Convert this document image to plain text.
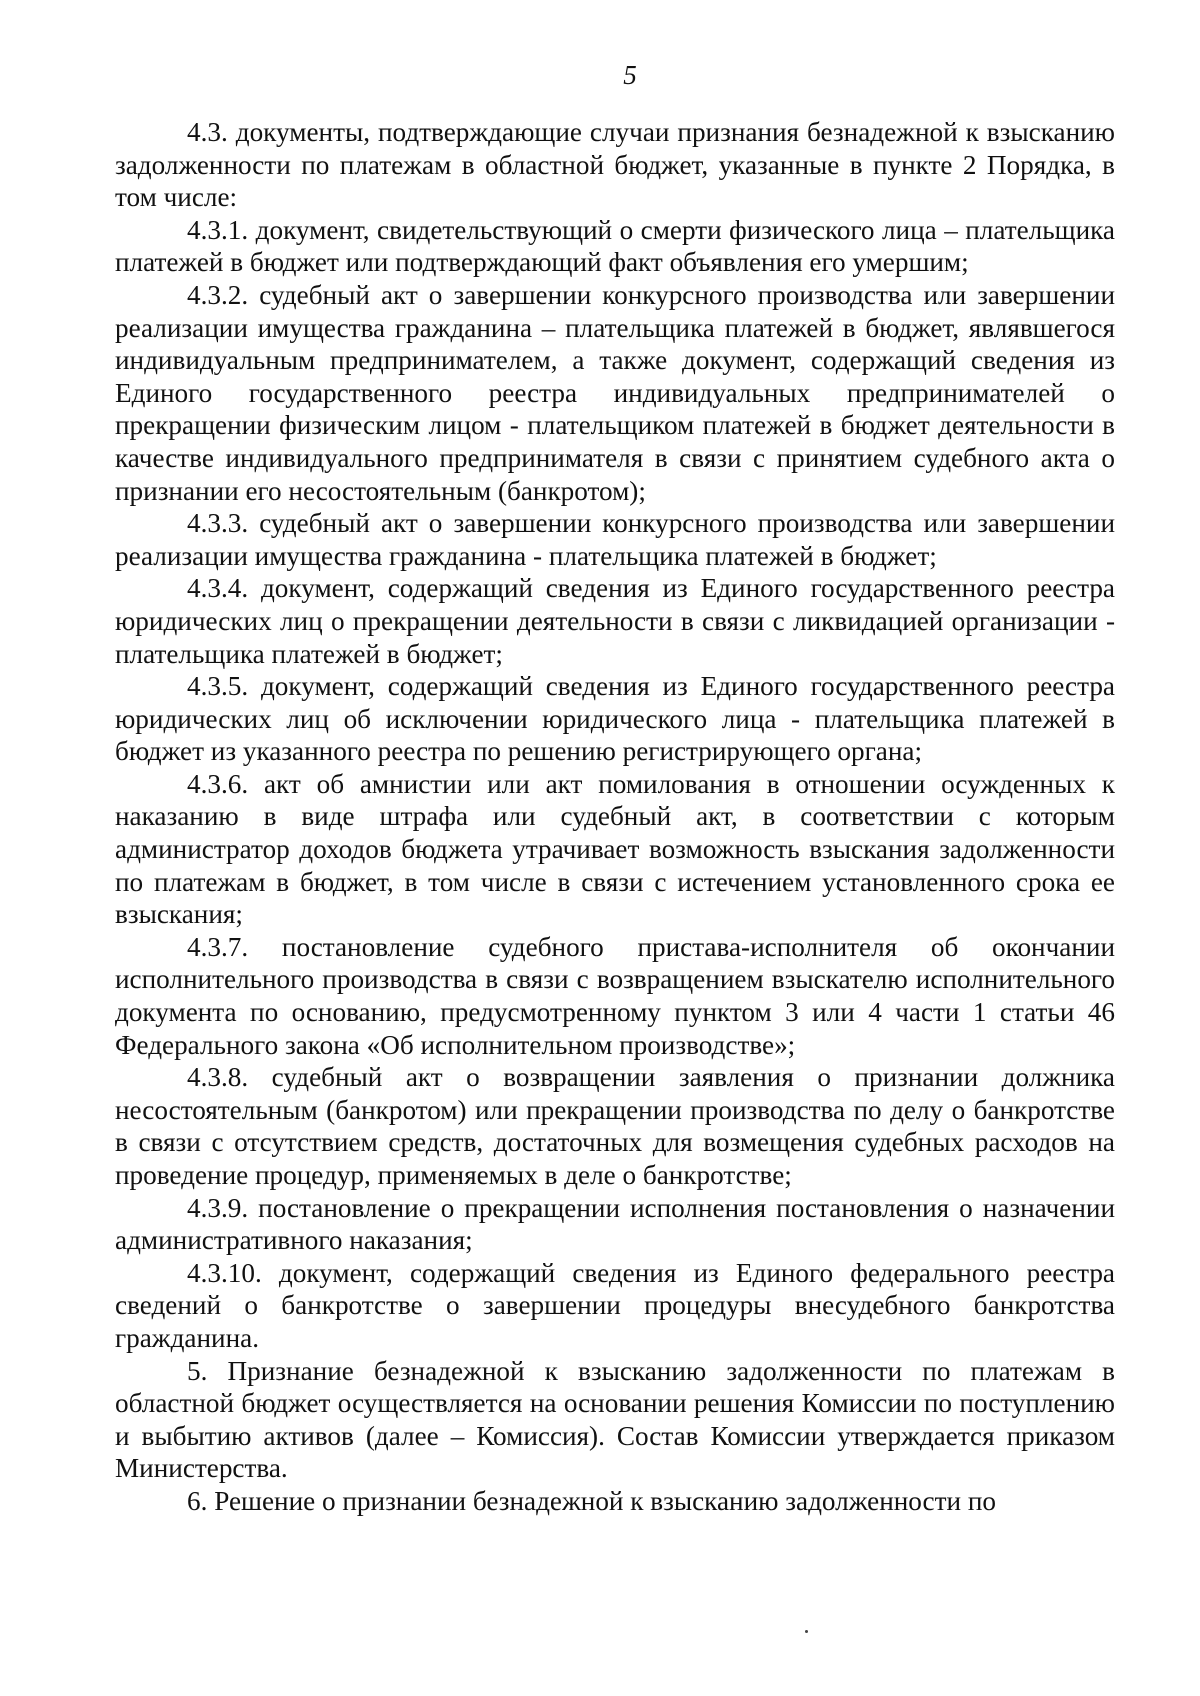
5

4.3. документы, подтверждающие случаи признания безнадежной к взысканию задолженности по платежам в областной бюджет, указанные в пункте 2 Порядка, в том числе:

4.3.1. документ, свидетельствующий о смерти физического лица – плательщика платежей в бюджет или подтверждающий факт объявления его умершим;

4.3.2. судебный акт о завершении конкурсного производства или завершении реализации имущества гражданина – плательщика платежей в бюджет, являвшегося индивидуальным предпринимателем, а также документ, содержащий сведения из Единого государственного реестра индивидуальных предпринимателей о прекращении физическим лицом - плательщиком платежей в бюджет деятельности в качестве индивидуального предпринимателя в связи с принятием судебного акта о признании его несостоятельным (банкротом);

4.3.3. судебный акт о завершении конкурсного производства или завершении реализации имущества гражданина - плательщика платежей в бюджет;

4.3.4. документ, содержащий сведения из Единого государственного реестра юридических лиц о прекращении деятельности в связи с ликвидацией организации - плательщика платежей в бюджет;

4.3.5. документ, содержащий сведения из Единого государственного реестра юридических лиц об исключении юридического лица - плательщика платежей в бюджет из указанного реестра по решению регистрирующего органа;

4.3.6. акт об амнистии или акт помилования в отношении осужденных к наказанию в виде штрафа или судебный акт, в соответствии с которым администратор доходов бюджета утрачивает возможность взыскания задолженности по платежам в бюджет, в том числе в связи с истечением установленного срока ее взыскания;

4.3.7. постановление судебного пристава-исполнителя об окончании исполнительного производства в связи с возвращением взыскателю исполнительного документа по основанию, предусмотренному пунктом 3 или 4 части 1 статьи 46 Федерального закона «Об исполнительном производстве»;

4.3.8. судебный акт о возвращении заявления о признании должника несостоятельным (банкротом) или прекращении производства по делу о банкротстве в связи с отсутствием средств, достаточных для возмещения судебных расходов на проведение процедур, применяемых в деле о банкротстве;

4.3.9. постановление о прекращении исполнения постановления о назначении административного наказания;

4.3.10. документ, содержащий сведения из Единого федерального реестра сведений о банкротстве о завершении процедуры внесудебного банкротства гражданина.

5. Признание безнадежной к взысканию задолженности по платежам в областной бюджет осуществляется на основании решения Комиссии по поступлению и выбытию активов (далее – Комиссия). Состав Комиссии утверждается приказом Министерства.

6. Решение о признании безнадежной к взысканию задолженности по
